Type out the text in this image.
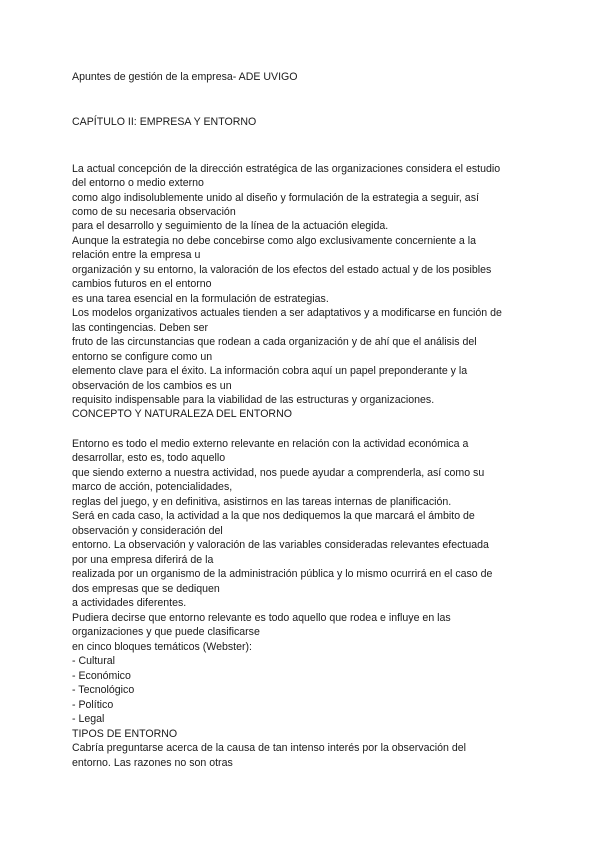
Apuntes de gestión de la empresa- ADE UVIGO
CAPÍTULO II: EMPRESA Y ENTORNO
La actual concepción de la dirección estratégica de las organizaciones considera el estudio
del entorno o medio externo
como algo indisolublemente unido al diseño y formulación de la estrategia a seguir, así
como de su necesaria observación
para el desarrollo y seguimiento de la línea de la actuación elegida.
Aunque la estrategia no debe concebirse como algo exclusivamente concerniente a la
relación entre la empresa u
organización y su entorno, la valoración de los efectos del estado actual y de los posibles
cambios futuros en el entorno
es una tarea esencial en la formulación de estrategias.
Los modelos organizativos actuales tienden a ser adaptativos y a modificarse en función de
las contingencias. Deben ser
fruto de las circunstancias que rodean a cada organización y de ahí que el análisis del
entorno se configure como un
elemento clave para el éxito. La información cobra aquí un papel preponderante y la
observación de los cambios es un
requisito indispensable para la viabilidad de las estructuras y organizaciones.
CONCEPTO Y NATURALEZA DEL ENTORNO
Entorno es todo el medio externo relevante en relación con la actividad económica a
desarrollar, esto es, todo aquello
que siendo externo a nuestra actividad, nos puede ayudar a comprenderla, así como su
marco de acción, potencialidades,
reglas del juego, y en definitiva, asistirnos en las tareas internas de planificación.
Será en cada caso, la actividad a la que nos dediquemos la que marcará el ámbito de
observación y consideración del
entorno. La observación y valoración de las variables consideradas relevantes efectuada
por una empresa diferirá de la
realizada por un organismo de la administración pública y lo mismo ocurrirá en el caso de
dos empresas que se dediquen
a actividades diferentes.
Pudiera decirse que entorno relevante es todo aquello que rodea e influye en las
organizaciones y que puede clasificarse
en cinco bloques temáticos (Webster):
- Cultural
- Económico
- Tecnológico
- Político
- Legal
TIPOS DE ENTORNO
Cabría preguntarse acerca de la causa de tan intenso interés por la observación del
entorno. Las razones no son otras
